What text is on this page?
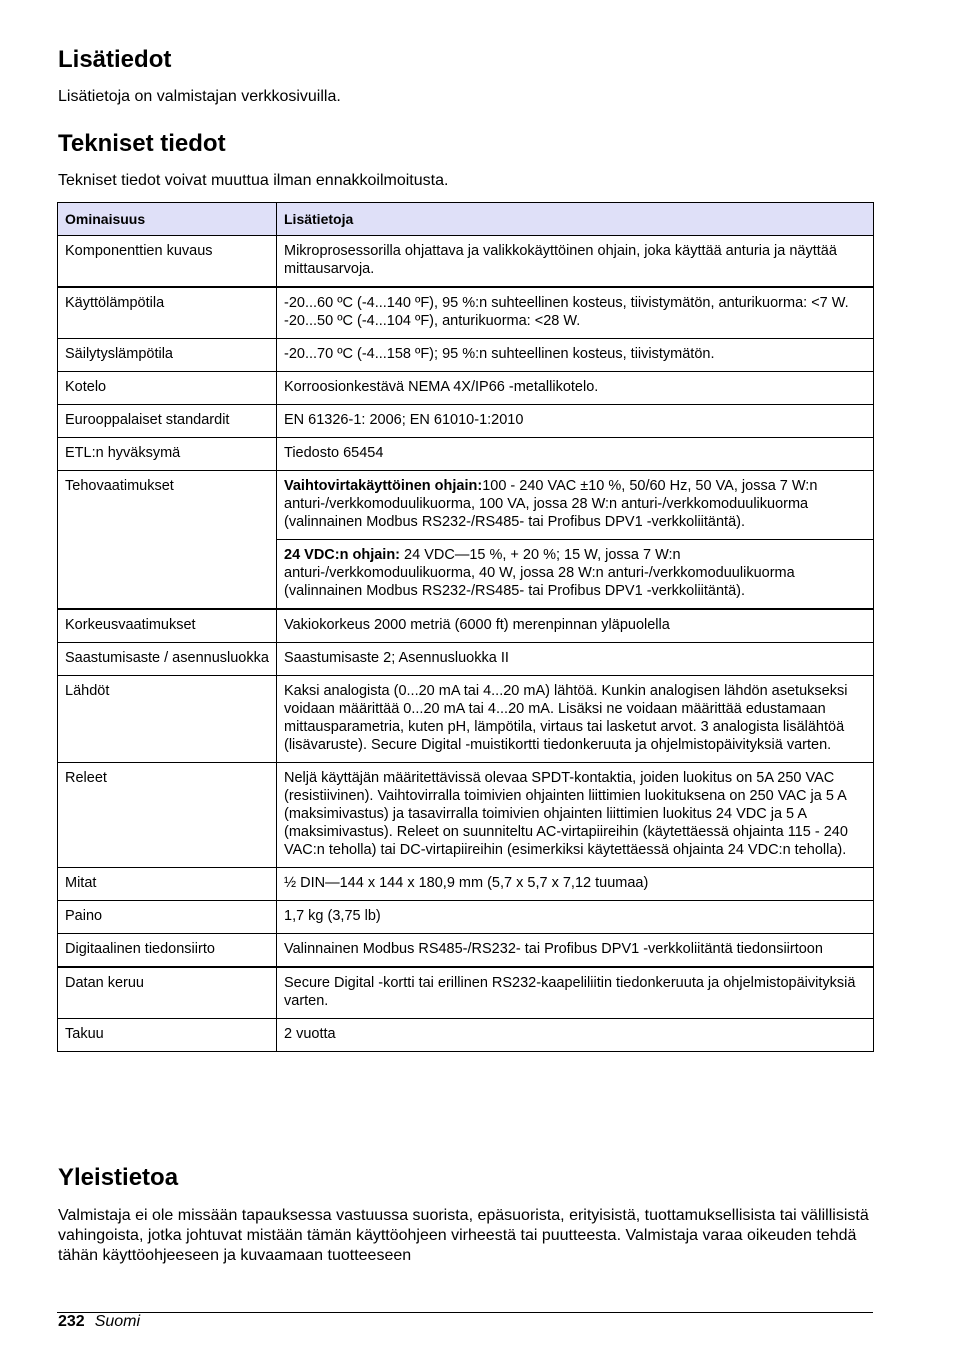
Lisätiedot

Lisätietoja on valmistajan verkkosivuilla.

Tekniset tiedot

Tekniset tiedot voivat muuttua ilman ennakkoilmoitusta.

Ominaisuus	Lisätietoja
Komponenttien kuvaus	Mikroprosessorilla ohjattava ja valikkokäyttöinen ohjain, joka käyttää anturia ja näyttää mittausarvoja.
Käyttölämpötila	-20...60 ºC (-4...140 ºF), 95 %:n suhteellinen kosteus, tiivistymätön, anturikuorma: <7 W. -20...50 ºC (-4...104 ºF), anturikuorma: <28 W.
Säilytyslämpötila	-20...70 ºC (-4...158 ºF); 95 %:n suhteellinen kosteus, tiivistymätön.
Kotelo	Korroosionkestävä NEMA 4X/IP66 -metallikotelo.
Eurooppalaiset standardit	EN 61326-1: 2006; EN 61010-1:2010
ETL:n hyväksymä	Tiedosto 65454
Tehovaatimukset	Vaihtovirtakäyttöinen ohjain:100 - 240 VAC ±10 %, 50/60 Hz, 50 VA, jossa 7 W:n anturi-/verkkomoduulikuorma, 100 VA, jossa 28 W:n anturi-/verkkomoduulikuorma (valinnainen Modbus RS232-/RS485- tai Profibus DPV1 -verkkoliitäntä).
	24 VDC:n ohjain: 24 VDC—15 %, + 20 %; 15 W, jossa 7 W:n anturi-/verkkomoduulikuorma, 40 W, jossa 28 W:n anturi-/verkkomoduulikuorma (valinnainen Modbus RS232-/RS485- tai Profibus DPV1 -verkkoliitäntä).
Korkeusvaatimukset	Vakiokorkeus 2000 metriä (6000 ft) merenpinnan yläpuolella
Saastumisaste / asennusluokka	Saastumisaste 2; Asennusluokka II
Lähdöt	Kaksi analogista (0...20 mA tai 4...20 mA) lähtöä. Kunkin analogisen lähdön asetukseksi voidaan määrittää 0...20 mA tai 4...20 mA. Lisäksi ne voidaan määrittää edustamaan mittausparametria, kuten pH, lämpötila, virtaus tai lasketut arvot. 3 analogista lisälähtöä (lisävaruste). Secure Digital -muistikortti tiedonkeruuta ja ohjelmistopäivityksiä varten.
Releet	Neljä käyttäjän määritettävissä olevaa SPDT-kontaktia, joiden luokitus on 5A 250 VAC (resistiivinen). Vaihtovirralla toimivien ohjainten liittimien luokituksena on 250 VAC ja 5 A (maksimivastus) ja tasavirralla toimivien ohjainten liittimien luokitus 24 VDC ja 5 A (maksimivastus). Releet on suunniteltu AC-virtapiireihin (käytettäessä ohjainta 115 - 240 VAC:n teholla) tai DC-virtapiireihin (esimerkiksi käytettäessä ohjainta 24 VDC:n teholla).
Mitat	½ DIN—144 x 144 x 180,9 mm (5,7 x 5,7 x 7,12 tuumaa)
Paino	1,7 kg (3,75 lb)
Digitaalinen tiedonsiirto	Valinnainen Modbus RS485-/RS232- tai Profibus DPV1 -verkkoliitäntä tiedonsiirtoon
Datan keruu	Secure Digital -kortti tai erillinen RS232-kaapeliliitin tiedonkeruuta ja ohjelmistopäivityksiä varten.
Takuu	2 vuotta
Yleistietoa

Valmistaja ei ole missään tapauksessa vastuussa suorista, epäsuorista, erityisistä, tuottamuksellisista tai välillisistä vahingoista, jotka johtuvat mistään tämän käyttöohjeen virheestä tai puutteesta. Valmistaja varaa oikeuden tehdä tähän käyttöohjeeseen ja kuvaamaan tuotteeseen

232 Suomi
